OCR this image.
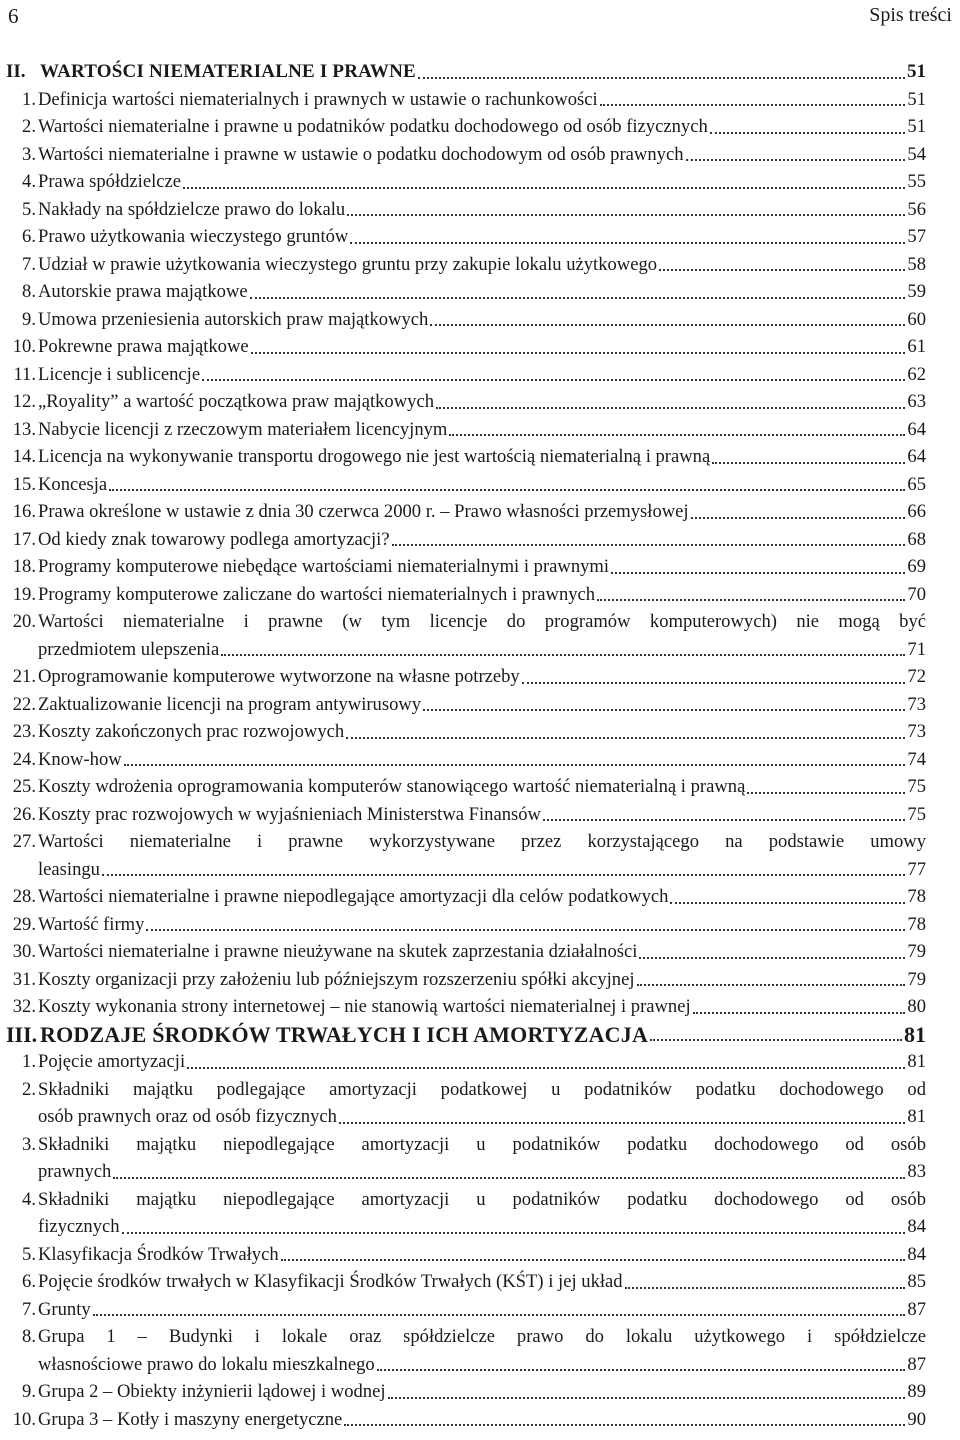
6	Spis treści
II. WARTOŚCI NIEMATERIALNE I PRAWNE	51
1. Definicja wartości niematerialnych i prawnych w ustawie o rachunkowości	51
2. Wartości niematerialne i prawne u podatników podatku dochodowego od osób fizycznych	51
3. Wartości niematerialne i prawne w ustawie o podatku dochodowym od osób prawnych	54
4. Prawa spółdzielcze	55
5. Nakłady na spółdzielcze prawo do lokalu	56
6. Prawo użytkowania wieczystego gruntów	57
7. Udział w prawie użytkowania wieczystego gruntu przy zakupie lokalu użytkowego	58
8. Autorskie prawa majątkowe	59
9. Umowa przeniesienia autorskich praw majątkowych	60
10. Pokrewne prawa majątkowe	61
11. Licencje i sublicencje	62
12. „Royality” a wartość początkowa praw majątkowych	63
13. Nabycie licencji z rzeczowym materiałem licencyjnym	64
14. Licencja na wykonywanie transportu drogowego nie jest wartością niematerialną i prawną	64
15. Koncesja	65
16. Prawa określone w ustawie z dnia 30 czerwca 2000 r. – Prawo własności przemysłowej	66
17. Od kiedy znak towarowy podlega amortyzacji?	68
18. Programy komputerowe niebędące wartościami niematerialnymi i prawnymi	69
19. Programy komputerowe zaliczane do wartości niematerialnych i prawnych	70
20. Wartości niematerialne i prawne (w tym licencje do programów komputerowych) nie mogą być
przedmiotem ulepszenia	71
21. Oprogramowanie komputerowe wytworzone na własne potrzeby	72
22. Zaktualizowanie licencji na program antywirusowy	73
23. Koszty zakończonych prac rozwojowych	73
24. Know-how	74
25. Koszty wdrożenia oprogramowania komputerów stanowiącego wartość niematerialną i prawną	75
26. Koszty prac rozwojowych w wyjaśnieniach Ministerstwa Finansów	75
27. Wartości niematerialne i prawne wykorzystywane przez korzystającego na podstawie umowy
leasingu	77
28. Wartości niematerialne i prawne niepodlegające amortyzacji dla celów podatkowych	78
29. Wartość firmy	78
30. Wartości niematerialne i prawne nieużywane na skutek zaprzestania działalności	79
31. Koszty organizacji przy założeniu lub późniejszym rozszerzeniu spółki akcyjnej	79
32. Koszty wykonania strony internetowej – nie stanowią wartości niematerialnej i prawnej	80
III. RODZAJE ŚRODKÓW TRWAŁYCH I ICH AMORTYZACJA	81
1. Pojęcie amortyzacji	81
2. Składniki majątku podlegające amortyzacji podatkowej u podatników podatku dochodowego od
osób prawnych oraz od osób fizycznych	81
3. Składniki majątku niepodlegające amortyzacji u podatników podatku dochodowego od osób
prawnych	83
4. Składniki majątku niepodlegające amortyzacji u podatników podatku dochodowego od osób
fizycznych	84
5. Klasyfikacja Środków Trwałych	84
6. Pojęcie środków trwałych w Klasyfikacji Środków Trwałych (KŚT) i jej układ	85
7. Grunty	87
8. Grupa 1 – Budynki i lokale oraz spółdzielcze prawo do lokalu użytkowego i spółdzielcze
własnościowe prawo do lokalu mieszkalnego	87
9. Grupa 2 – Obiekty inżynierii lądowej i wodnej	89
10. Grupa 3 – Kotły i maszyny energetyczne	90
